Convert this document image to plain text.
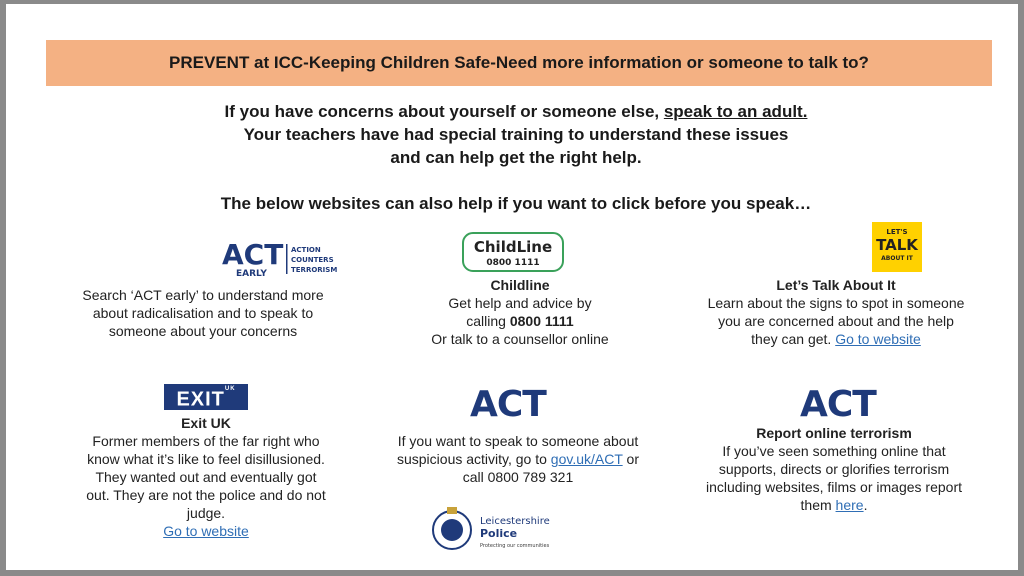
PREVENT at ICC-Keeping Children Safe-Need more information or someone to talk to?
If you have concerns about yourself or someone else, speak to an adult.
Your teachers have had special training to understand these issues
and can help get the right help.
The below websites can also help if you want to click before you speak…
ACT
EARLY
ACTION
COUNTERS
TERRORISM
Search ‘ACT early’ to understand more
about radicalisation and to speak to
someone about your concerns
ChildLine
0800 1111
Childline
Get help and advice by
calling 0800 1111
Or talk to a counsellor online
LET'S
TALK
ABOUT IT
Let’s Talk About It
Learn about the signs to spot in someone
you are concerned about and the help
they can get. Go to website
$EXIT^{UK}$
Exit UK
Former members of the far right who
know what it’s like to feel disillusioned.
They wanted out and eventually got
out. They are not the police and do not
judge.
Go to website
ACT
If you want to speak to someone about
suspicious activity, go to gov.uk/ACT or
call 0800 789 321
Leicestershire
Police
Protecting our communities
ACT
Report online terrorism
If you’ve seen something online that
supports, directs or glorifies terrorism
including websites, films or images report
them here.
